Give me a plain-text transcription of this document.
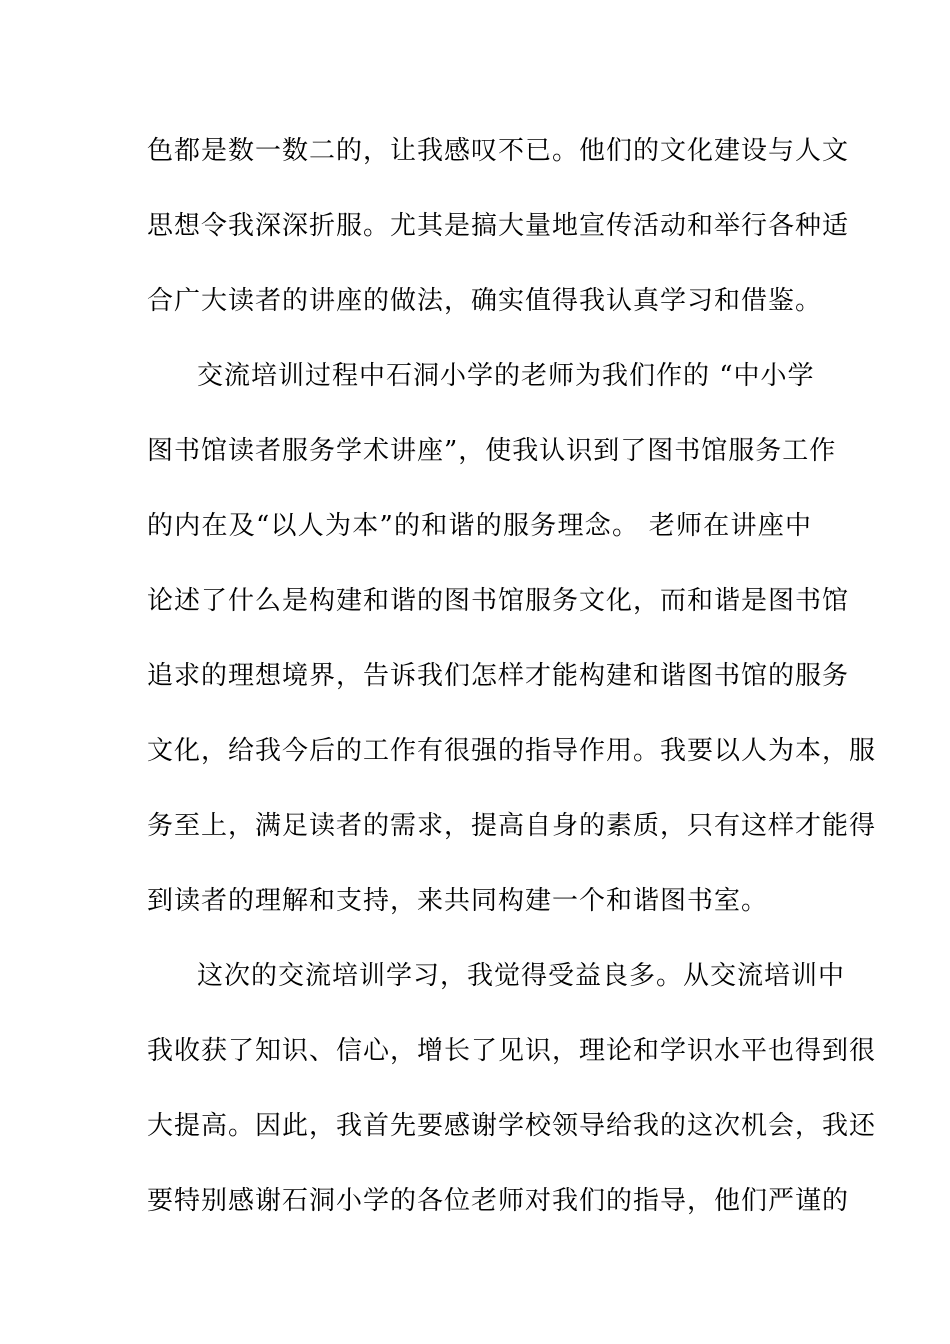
色都是数一数二的，让我感叹不已。他们的文化建设与人文
思想令我深深折服。尤其是搞大量地宣传活动和举行各种适
合广大读者的讲座的做法，确实值得我认真学习和借鉴。
交流培训过程中石洞小学的老师为我们作的 “中小学
图书馆读者服务学术讲座”，使我认识到了图书馆服务工作
的内在及“以人为本”的和谐的服务理念。 老师在讲座中
论述了什么是构建和谐的图书馆服务文化，而和谐是图书馆
追求的理想境界，告诉我们怎样才能构建和谐图书馆的服务
文化，给我今后的工作有很强的指导作用。我要以人为本，服
务至上，满足读者的需求，提高自身的素质，只有这样才能得
到读者的理解和支持，来共同构建一个和谐图书室。
这次的交流培训学习，我觉得受益良多。从交流培训中
我收获了知识、信心，增长了见识，理论和学识水平也得到很
大提高。因此，我首先要感谢学校领导给我的这次机会，我还
要特别感谢石洞小学的各位老师对我们的指导，他们严谨的
